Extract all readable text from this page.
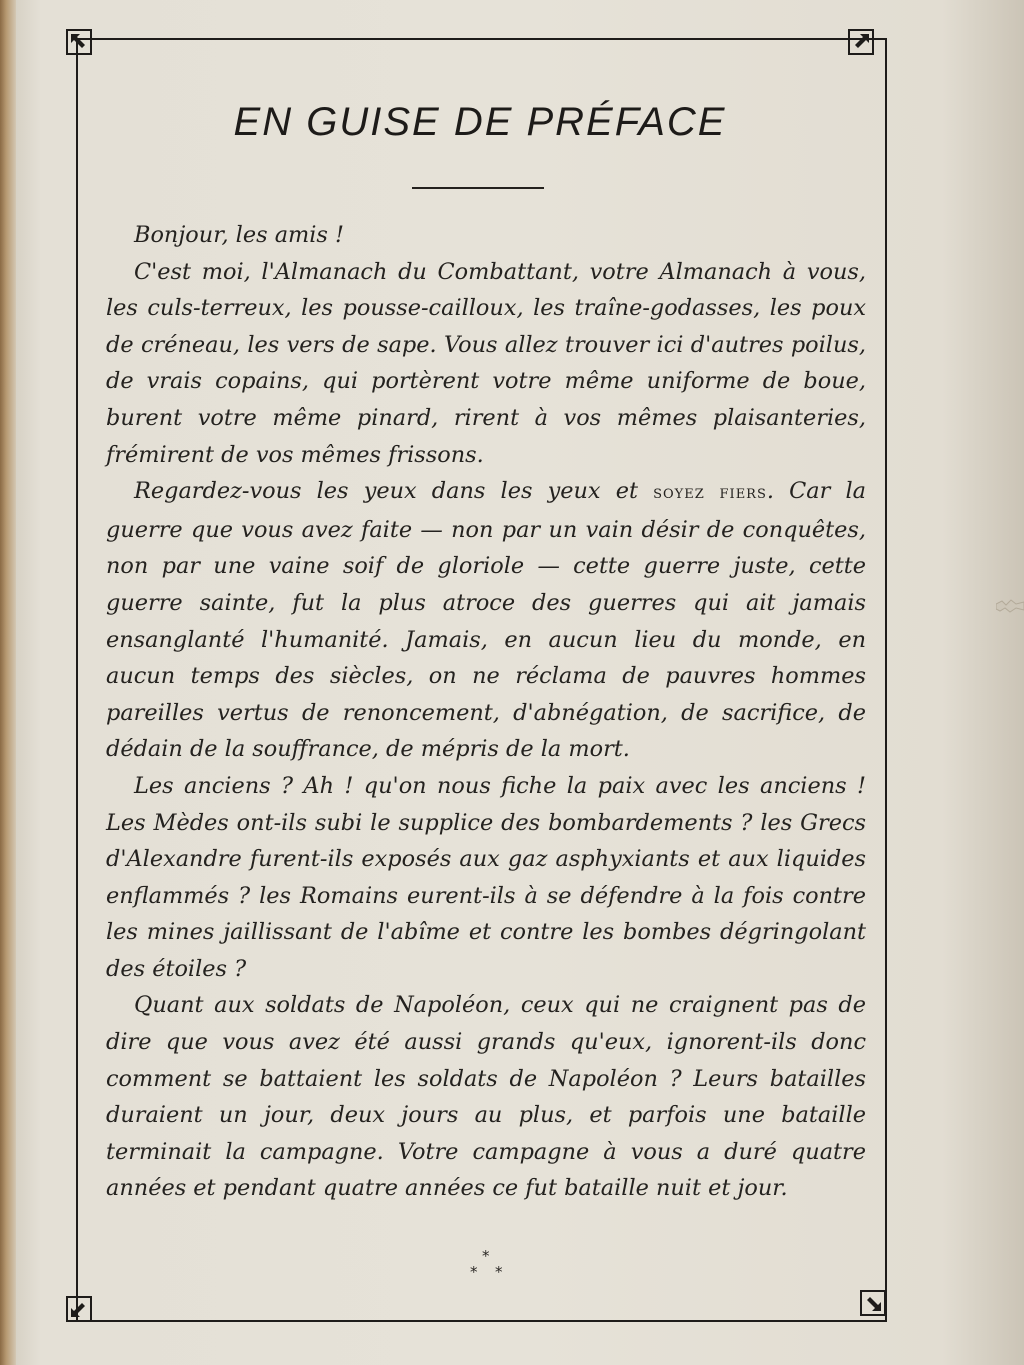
EN GUISE DE PRÉFACE

Bonjour, les amis !

C'est moi, l'Almanach du Combattant, votre Almanach à vous, les culs-terreux, les pousse-cailloux, les traîne-godasses, les poux de créneau, les vers de sape. Vous allez trouver ici d'autres poilus, de vrais copains, qui portèrent votre même uniforme de boue, burent votre même pinard, rirent à vos mêmes plaisanteries, frémirent de vos mêmes frissons.

Regardez-vous les yeux dans les yeux et soyez fiers. Car la guerre que vous avez faite — non par un vain désir de conquêtes, non par une vaine soif de gloriole — cette guerre juste, cette guerre sainte, fut la plus atroce des guerres qui ait jamais ensanglanté l'humanité. Jamais, en aucun lieu du monde, en aucun temps des siècles, on ne réclama de pauvres hommes pareilles vertus de renoncement, d'abnégation, de sacrifice, de dédain de la souffrance, de mépris de la mort.

Les anciens ? Ah ! qu'on nous fiche la paix avec les anciens ! Les Mèdes ont-ils subi le supplice des bombardements ? les Grecs d'Alexandre furent-ils exposés aux gaz asphyxiants et aux liquides enflammés ? les Romains eurent-ils à se défendre à la fois contre les mines jaillissant de l'abîme et contre les bombes dégringolant des étoiles ?

Quant aux soldats de Napoléon, ceux qui ne craignent pas de dire que vous avez été aussi grands qu'eux, ignorent-ils donc comment se battaient les soldats de Napoléon ? Leurs batailles duraient un jour, deux jours au plus, et parfois une bataille terminait la campagne. Votre campagne à vous a duré quatre années et pendant quatre années ce fut bataille nuit et jour.

*
* *
